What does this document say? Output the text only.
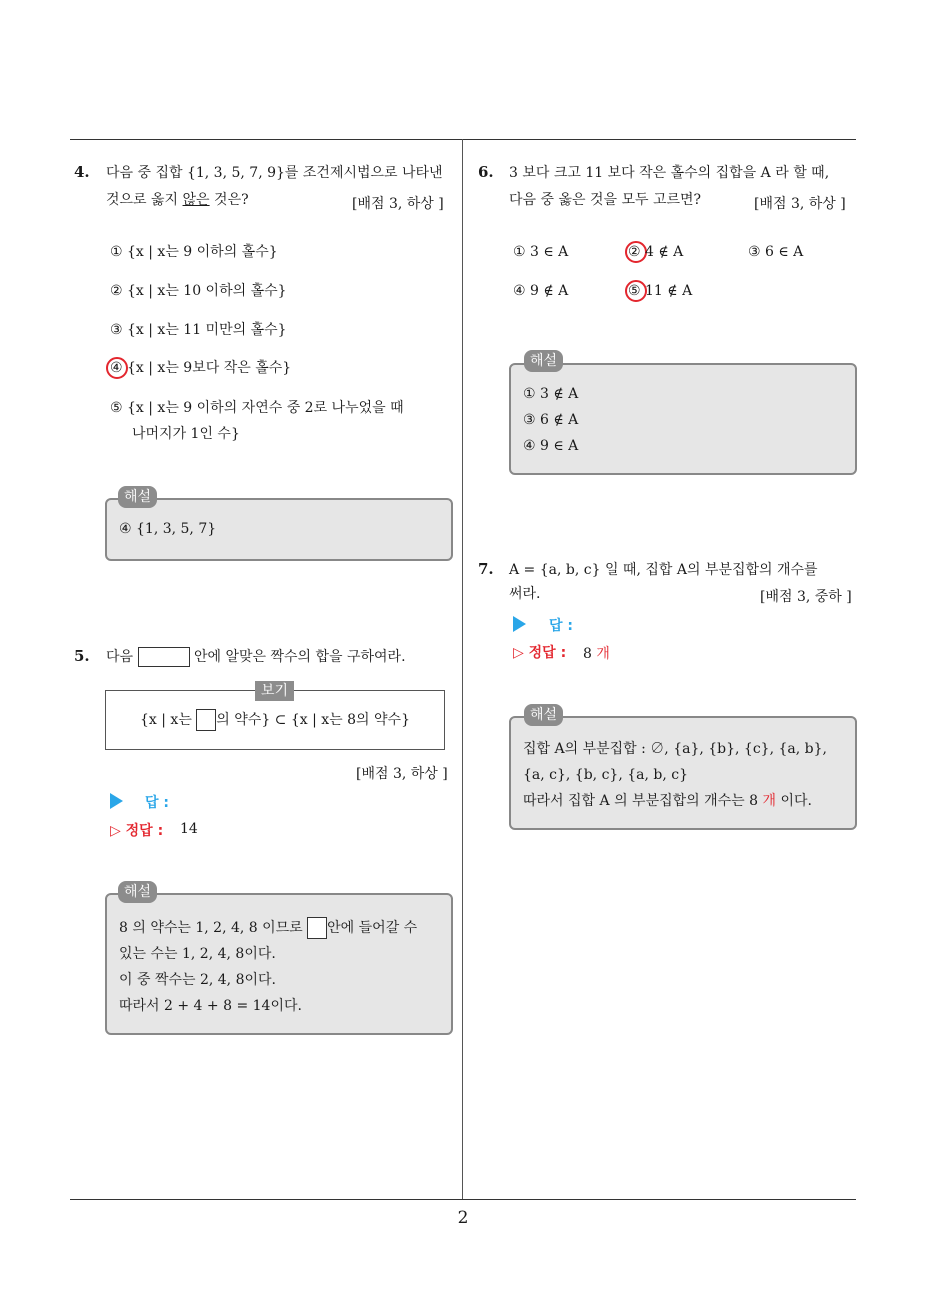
2
4. 다음 중 집합 {1, 3, 5, 7, 9}를 조건제시법으로 나타낸
것으로 옳지 않은 것은?	[배점 3, 하상 ]
① {x | x는 9 이하의 홀수}
② {x | x는 10 이하의 홀수}
③ {x | x는 11 미만의 홀수}
④ {x | x는 9보다 작은 홀수}
⑤ {x | x는 9 이하의 자연수 중 2로 나누었을 때
나머지가 1인 수}
④ {1, 3, 5, 7}
해설
5. 다음	안에 알맞은 짝수의 합을 구하여라.
{x | x는 의 약수} ⊂ {x | x는 8의 약수}
보기
[배점 3, 하상 ]
답 :
▷ 정답 : 14
8 의 약수는 1, 2, 4, 8 이므로 안에 들어갈 수
있는 수는 1, 2, 4, 8이다.
이 중 짝수는 2, 4, 8이다.
따라서 2 + 4 + 8 = 14이다.
해설
6. 3 보다 크고 11 보다 작은 홀수의 집합을 A 라 할 때,
다음 중 옳은 것을 모두 고르면?	[배점 3, 하상 ]
① 3 ∈ A	② 4 ∉ A	③ 6 ∈ A
④ 9 ∉ A	⑤ 11 ∉ A
① 3 ∉ A
③ 6 ∉ A
④ 9 ∈ A
해설
7. A = {a, b, c} 일 때, 집합 A의 부분집합의 개수를
써라.	[배점 3, 중하 ]
답 :
▷ 정답 : 8 개
집합 A의 부분집합 : ∅, {a}, {b}, {c}, {a, b},
{a, c}, {b, c}, {a, b, c}
따라서 집합 A 의 부분집합의 개수는 8 개 이다.
해설
